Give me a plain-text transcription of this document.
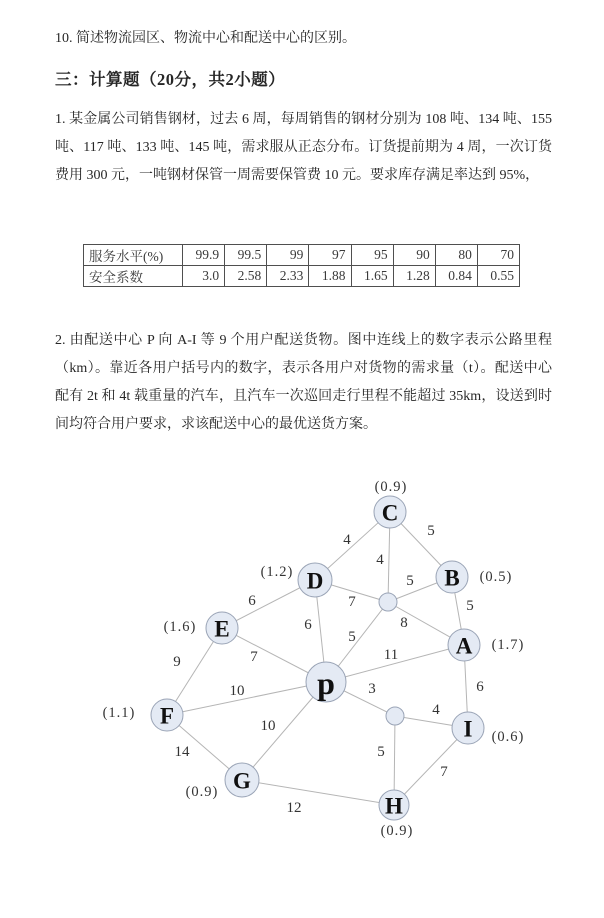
10. 简述物流园区、物流中心和配送中心的区别。
三：计算题（20分，共2小题）
1. 某金属公司销售钢材，过去 6 周，每周销售的钢材分别为 108 吨、134 吨、155 吨、117 吨、133 吨、145 吨，需求服从正态分布。订货提前期为 4 周，一次订货费用 300 元，一吨钢材保管一周需要保管费 10 元。要求库存满足率达到 95%，
服务水平(%)	99.9	99.5	99	97	95	90	80	70
安全系数	3.0	2.58	2.33	1.88	1.65	1.28	0.84	0.55
2. 由配送中心 P 向 A-I 等 9 个用户配送货物。图中连线上的数字表示公路里程（km）。靠近各用户括号内的数字，表示各用户对货物的需求量（t）。配送中心配有 2t 和 4t 载重量的汽车，且汽车一次巡回走行里程不能超过 35km，设送到时间均符合用户要求，求该配送中心的最优送货方案。
4
5
4
7
5
5
6
6
5
8
11
7
9
10	3	6
4
5
7
10
14
12
C
(0.9)
D
(1.2)	B (0.5)
E
(1.6)
A (1.7)
p
F
(1.1)
I (0.6)
G
(0.9)
H
(0.9)
